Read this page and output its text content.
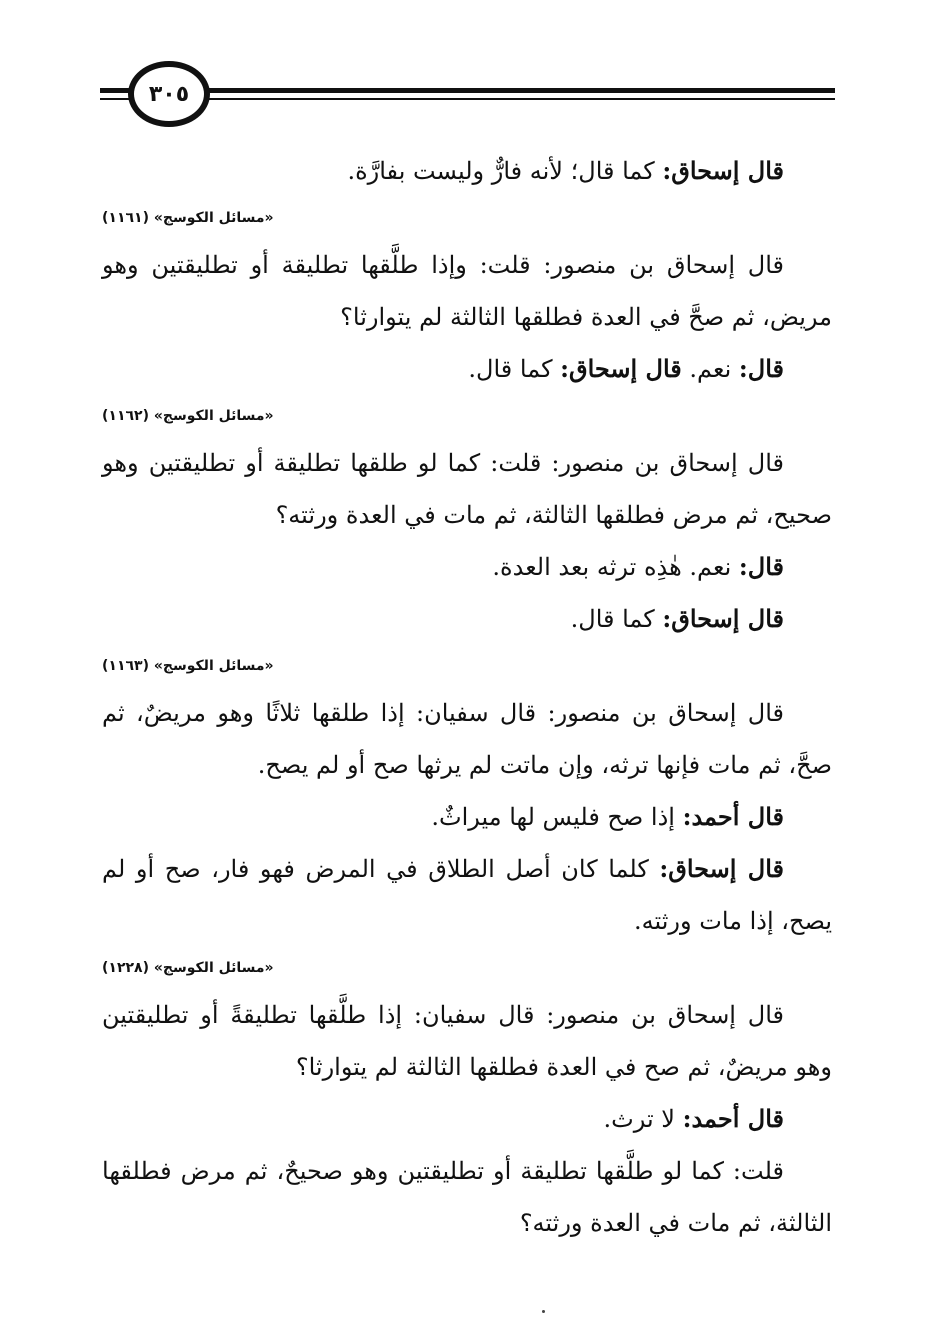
٣٠٥

قال إسحاق: كما قال؛ لأنه فارٌّ وليست بفارَّة.

«مسائل الكوسج» (١١٦١)

قال إسحاق بن منصور: قلت: وإذا طلَّقها تطليقة أو تطليقتين وهو مريض، ثم صحَّ في العدة فطلقها الثالثة لم يتوارثا؟

قال: نعم. قال إسحاق: كما قال.

«مسائل الكوسج» (١١٦٢)

قال إسحاق بن منصور: قلت: كما لو طلقها تطليقة أو تطليقتين وهو صحيح، ثم مرض فطلقها الثالثة، ثم مات في العدة ورثته؟

قال: نعم. هٰذِه ترثه بعد العدة.

قال إسحاق: كما قال.

«مسائل الكوسج» (١١٦٣)

قال إسحاق بن منصور: قال سفيان: إذا طلقها ثلاثًا وهو مريضٌ، ثم صحَّ، ثم مات فإنها ترثه، وإن ماتت لم يرثها صح أو لم يصح.

قال أحمد: إذا صح فليس لها ميراثٌ.

قال إسحاق: كلما كان أصل الطلاق في المرض فهو فار، صح أو لم يصح، إذا مات ورثته.

«مسائل الكوسج» (١٢٢٨)

قال إسحاق بن منصور: قال سفيان: إذا طلَّقها تطليقةً أو تطليقتين وهو مريضٌ، ثم صح في العدة فطلقها الثالثة لم يتوارثا؟

قال أحمد: لا ترث.

قلت: كما لو طلَّقها تطليقة أو تطليقتين وهو صحيحٌ، ثم مرض فطلقها الثالثة، ثم مات في العدة ورثته؟
